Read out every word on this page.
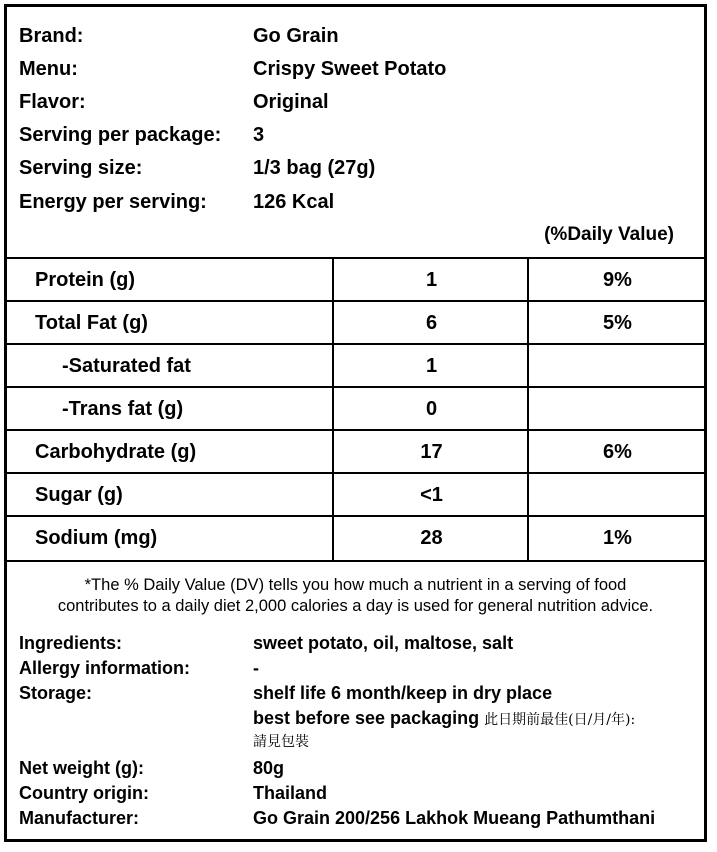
Brand:	Go Grain
Menu:	Crispy Sweet Potato
Flavor:	Original
Serving per package: 3
Serving size:	1/3 bag (27g)
Energy per serving: 126 Kcal
(%Daily Value)
Protein (g)	1	9%
Total Fat (g)	6	5%
-Saturated fat	1
-Trans fat (g)	0
Carbohydrate (g)	17	6%
Sugar (g)	<1
Sodium (mg)	28	1%
*The % Daily Value (DV) tells you how much a nutrient in a serving of food
contributes to a daily diet 2,000 calories a day is used for general nutrition advice.
Ingredients:	sweet potato, oil, maltose, salt
Allergy information:	-
Storage:	shelf life 6 month/keep in dry place
best before see packaging 此日期前最佳(日/月/年):
請見包裝
Net weight (g):	80g
Country origin:	Thailand
Manufacturer:	Go Grain 200/256 Lakhok Mueang Pathumthani
